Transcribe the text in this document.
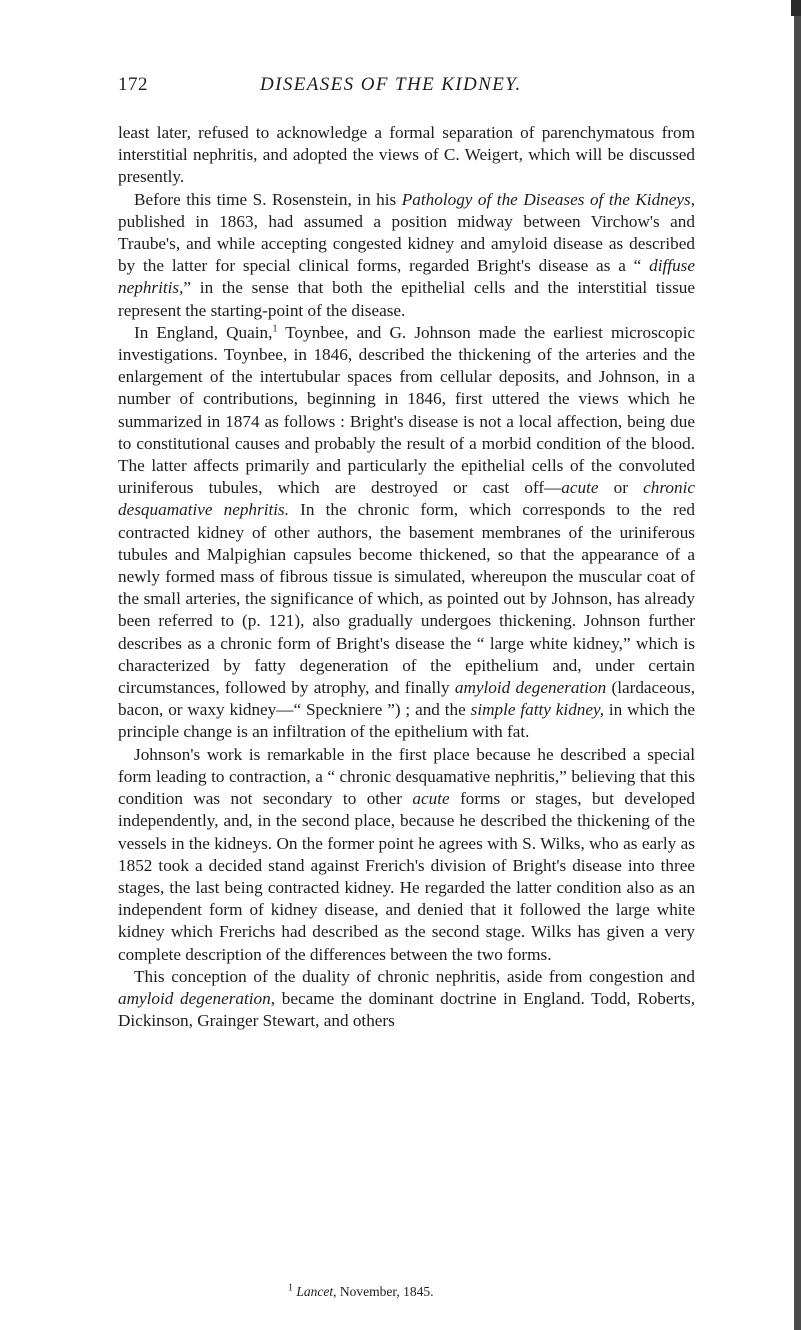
172	DISEASES OF THE KIDNEY.

least later, refused to acknowledge a formal separation of parenchymatous from interstitial nephritis, and adopted the views of C. Weigert, which will be discussed presently.

Before this time S. Rosenstein, in his Pathology of the Diseases of the Kidneys, published in 1863, had assumed a position midway between Virchow's and Traube's, and while accepting congested kidney and amyloid disease as described by the latter for special clinical forms, regarded Bright's disease as a “ diffuse nephritis,” in the sense that both the epithelial cells and the interstitial tissue represent the starting-point of the disease.

In England, Quain,$^1$ Toynbee, and G. Johnson made the earliest microscopic investigations. Toynbee, in 1846, described the thickening of the arteries and the enlargement of the intertubular spaces from cellular deposits, and Johnson, in a number of contributions, beginning in 1846, first uttered the views which he summarized in 1874 as follows : Bright's disease is not a local affection, being due to constitutional causes and probably the result of a morbid condition of the blood. The latter affects primarily and particularly the epithelial cells of the convoluted uriniferous tubules, which are destroyed or cast off—acute or chronic desquamative nephritis. In the chronic form, which corresponds to the red contracted kidney of other authors, the basement membranes of the uriniferous tubules and Malpighian capsules become thickened, so that the appearance of a newly formed mass of fibrous tissue is simulated, whereupon the muscular coat of the small arteries, the significance of which, as pointed out by Johnson, has already been referred to (p. 121), also gradually undergoes thickening. Johnson further describes as a chronic form of Bright's disease the “ large white kidney,” which is characterized by fatty degeneration of the epithelium and, under certain circumstances, followed by atrophy, and finally amyloid degeneration (lardaceous, bacon, or waxy kidney—“ Speckniere ”) ; and the simple fatty kidney, in which the principle change is an infiltration of the epithelium with fat.

Johnson's work is remarkable in the first place because he described a special form leading to contraction, a “ chronic desquamative nephritis,” believing that this condition was not secondary to other acute forms or stages, but developed independently, and, in the second place, because he described the thickening of the vessels in the kidneys. On the former point he agrees with S. Wilks, who as early as 1852 took a decided stand against Frerich's division of Bright's disease into three stages, the last being contracted kidney. He regarded the latter condition also as an independent form of kidney disease, and denied that it followed the large white kidney which Frerichs had described as the second stage. Wilks has given a very complete description of the differences between the two forms.

This conception of the duality of chronic nephritis, aside from congestion and amyloid degeneration, became the dominant doctrine in England. Todd, Roberts, Dickinson, Grainger Stewart, and others

$^1$ Lancet, November, 1845.
